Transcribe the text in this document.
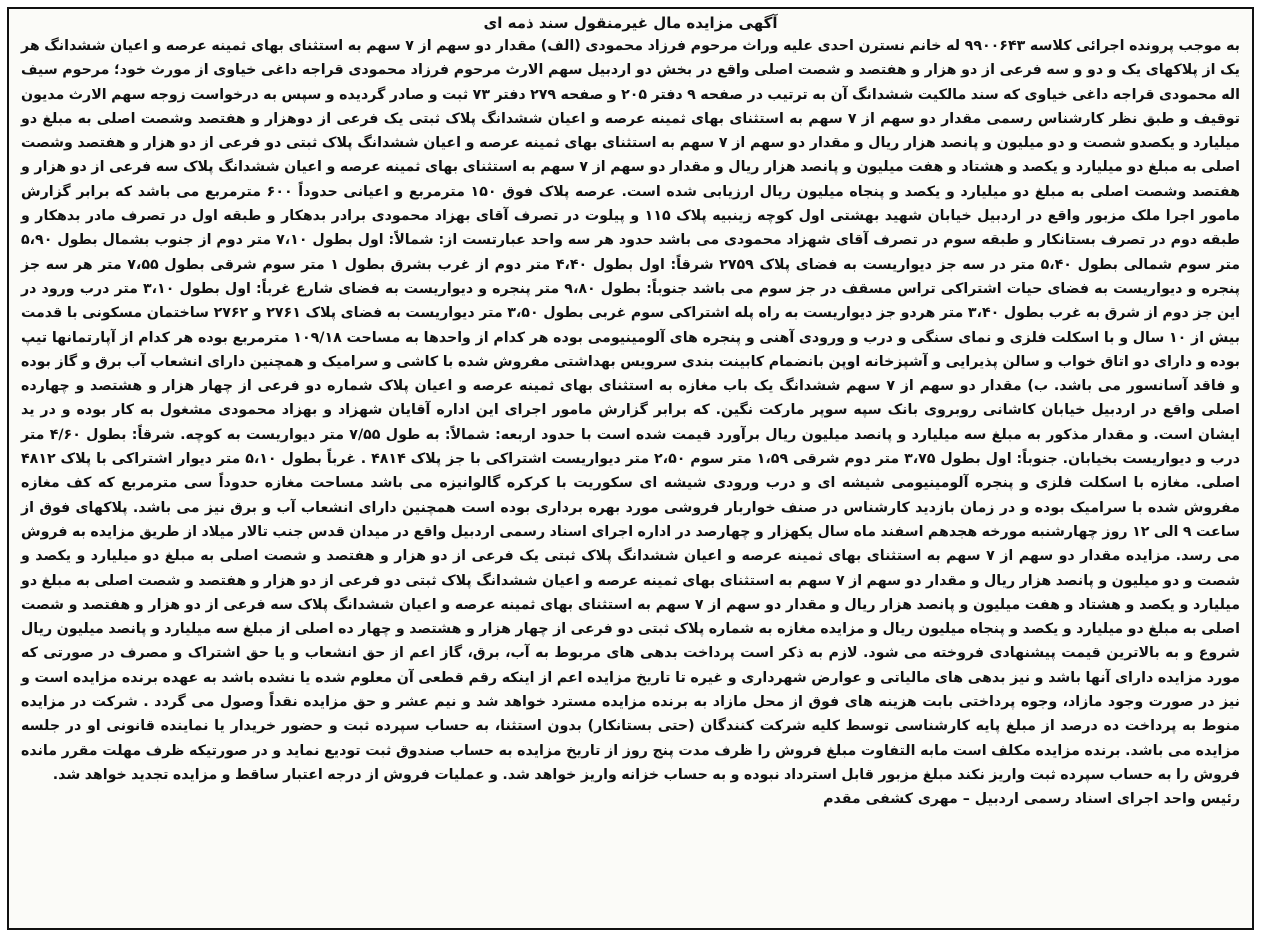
آگهی مزایده مال غیرمنقول سند ذمه ای

به موجب پرونده اجرائی کلاسه ۹۹۰۰۶۴۳ له خانم نسترن احدی علیه وراث مرحوم فرزاد محمودی (الف) مقدار دو سهم از ۷ سهم به استثنای بهای ثمینه عرصه و اعیان ششدانگ هر یک از پلاکهای یک و دو و سه فرعی از دو هزار و هفتصد و شصت اصلی واقع در بخش دو اردبیل سهم الارث مرحوم فرزاد محمودی قراجه داغی خیاوی از مورث خود؛ مرحوم سیف اله محمودی قراجه داغی خیاوی که سند مالکیت ششدانگ آن به ترتیب در صفحه ۹ دفتر ۲۰۵ و صفحه ۲۷۹ دفتر ۷۳ ثبت و صادر گردیده و سپس به درخواست زوجه سهم الارث مدیون توقیف و طبق نظر کارشناس رسمی مقدار دو سهم از ۷ سهم به استثنای بهای ثمینه عرصه و اعیان ششدانگ پلاک ثبتی یک فرعی از دوهزار و هفتصد وشصت اصلی به مبلغ دو میلیارد و یکصدو شصت و دو میلیون و پانصد هزار ریال و مقدار دو سهم از ۷ سهم به استثنای بهای ثمینه عرصه و اعیان ششدانگ پلاک ثبتی دو فرعی از دو هزار و هفتصد وشصت اصلی به مبلغ دو میلیارد و یکصد و هشتاد و هفت میلیون و پانصد هزار ریال و مقدار دو سهم از ۷ سهم به استثنای بهای ثمینه عرصه و اعیان ششدانگ پلاک سه فرعی از دو هزار و هفتصد وشصت اصلی به مبلغ دو میلیارد و یکصد و پنجاه میلیون ریال ارزیابی شده است. عرصه پلاک فوق ۱۵۰ مترمربع و اعیانی حدوداً ۶۰۰ مترمربع می باشد که برابر گزارش مامور اجرا ملک مزبور واقع در اردبیل خیابان شهید بهشتی اول کوچه زینبیه پلاک ۱۱۵ و پیلوت در تصرف آقای بهزاد محمودی برادر بدهکار و طبقه اول در تصرف مادر بدهکار و طبقه دوم در تصرف بستانکار و طبقه سوم در تصرف آقای شهزاد محمودی می باشد حدود هر سه واحد عبارتست از: شمالاً: اول بطول ۷،۱۰ متر دوم از جنوب بشمال بطول ۵،۹۰ متر سوم شمالی بطول ۵،۴۰ متر در سه جز دیواریست به فضای پلاک ۲۷۵۹ شرقاً: اول بطول ۴،۴۰ متر دوم از غرب بشرق بطول ۱ متر سوم شرقی بطول ۷،۵۵ متر هر سه جز پنجره و دیواریست به فضای حیات اشتراکی تراس مسقف در جز سوم می باشد جنوباً: بطول ۹،۸۰ متر پنجره و دیواریست به فضای شارع غرباً: اول بطول ۳،۱۰ متر درب ورود در این جز دوم از شرق به غرب بطول ۳،۴۰ متر هردو جز دیواریست به راه پله اشتراکی سوم غربی بطول ۳،۵۰ متر دیواریست به فضای پلاک ۲۷۶۱ و ۲۷۶۲ ساختمان مسکونی با قدمت بیش از ۱۰ سال و با اسکلت فلزی و نمای سنگی و درب و ورودی آهنی و پنجره های آلومینیومی بوده هر کدام از واحدها به مساحت ۱۰۹/۱۸ مترمربع بوده هر کدام از آپارتمانها تیپ بوده و دارای دو اتاق خواب و سالن پذیرایی و آشپزخانه اوپن بانضمام کابینت بندی سرویس بهداشتی مفروش شده با کاشی و سرامیک و همچنین دارای انشعاب آب برق و گاز بوده و فاقد آسانسور می باشد. ب) مقدار دو سهم از ۷ سهم ششدانگ یک باب مغازه به استثنای بهای ثمینه عرصه و اعیان پلاک شماره دو فرعی از چهار هزار و هشتصد و چهارده اصلی واقع در اردبیل خیابان کاشانی روبروی بانک سپه سوپر مارکت نگین. که برابر گزارش مامور اجرای این اداره آقایان شهزاد و بهزاد محمودی مشغول به کار بوده و در ید ایشان است. و مقدار مذکور به مبلغ سه میلیارد و پانصد میلیون ریال برآورد قیمت شده است با حدود اربعه: شمالاً: به طول ۷/۵۵ متر دیواریست به کوچه. شرقاً: بطول ۴/۶۰ متر درب و دیواریست بخیابان. جنوباً: اول بطول ۳،۷۵ متر دوم شرقی ۱،۵۹ متر سوم ۲،۵۰ متر دیواریست اشتراکی با جز پلاک ۴۸۱۴ . غرباً بطول ۵،۱۰ متر دیوار اشتراکی با پلاک ۴۸۱۲ اصلی. مغازه با اسکلت فلزی و پنجره آلومینیومی شیشه ای و درب ورودی شیشه ای سکوریت با کرکره گالوانیزه می باشد مساحت مغازه حدوداً سی مترمربع که کف مغازه مفروش شده با سرامیک بوده و در زمان بازدید کارشناس در صنف خواربار فروشی مورد بهره برداری بوده است همچنین دارای انشعاب آب و برق نیز می باشد. پلاکهای فوق از ساعت ۹ الی ۱۲ روز چهارشنبه مورخه هجدهم اسفند ماه سال یکهزار و چهارصد در اداره اجرای اسناد رسمی اردبیل واقع در میدان قدس جنب تالار میلاد از طریق مزایده به فروش می رسد. مزایده مقدار دو سهم از ۷ سهم به استثنای بهای ثمینه عرصه و اعیان ششدانگ پلاک ثبتی یک فرعی از دو هزار و هفتصد و شصت اصلی به مبلغ دو میلیارد و یکصد و شصت و دو میلیون و پانصد هزار ریال و مقدار دو سهم از ۷ سهم به استثنای بهای ثمینه عرصه و اعیان ششدانگ پلاک ثبتی دو فرعی از دو هزار و هفتصد و شصت اصلی به مبلغ دو میلیارد و یکصد و هشتاد و هفت میلیون و پانصد هزار ریال و مقدار دو سهم از ۷ سهم به استثنای بهای ثمینه عرصه و اعیان ششدانگ پلاک سه فرعی از دو هزار و هفتصد و شصت اصلی به مبلغ دو میلیارد و یکصد و پنجاه میلیون ریال و مزایده مغازه به شماره پلاک ثبتی دو فرعی از چهار هزار و هشتصد و چهار ده اصلی از مبلغ سه میلیارد و پانصد میلیون ریال شروع و به بالاترین قیمت پیشنهادی فروخته می شود. لازم به ذکر است پرداخت بدهی های مربوط به آب، برق، گاز اعم از حق انشعاب و یا حق اشتراک و مصرف در صورتی که مورد مزایده دارای آنها باشد و نیز بدهی های مالیاتی و عوارض شهرداری و غیره تا تاریخ مزایده اعم از اینکه رقم قطعی آن معلوم شده یا نشده باشد به عهده برنده مزایده است و نیز در صورت وجود مازاد، وجوه پرداختی بابت هزینه های فوق از محل مازاد به برنده مزایده مسترد خواهد شد و نیم عشر و حق مزایده نقداً وصول می گردد . شرکت در مزایده منوط به پرداخت ده درصد از مبلغ پایه کارشناسی توسط کلیه شرکت کنندگان (حتی بستانکار) بدون استثنا، به حساب سپرده ثبت و حضور خریدار یا نماینده قانونی او در جلسه مزایده می باشد. برنده مزایده مکلف است مابه التفاوت مبلغ فروش را ظرف مدت پنج روز از تاریخ مزایده به حساب صندوق ثبت تودیع نماید و در صورتیکه ظرف مهلت مقرر مانده فروش را به حساب سپرده ثبت واریز نکند مبلغ مزبور قابل استرداد نبوده و به حساب خزانه واریز خواهد شد. و عملیات فروش از درجه اعتبار ساقط و مزایده تجدید خواهد شد.

رئیس واحد اجرای اسناد رسمی اردبیل – مهری کشفی مقدم
